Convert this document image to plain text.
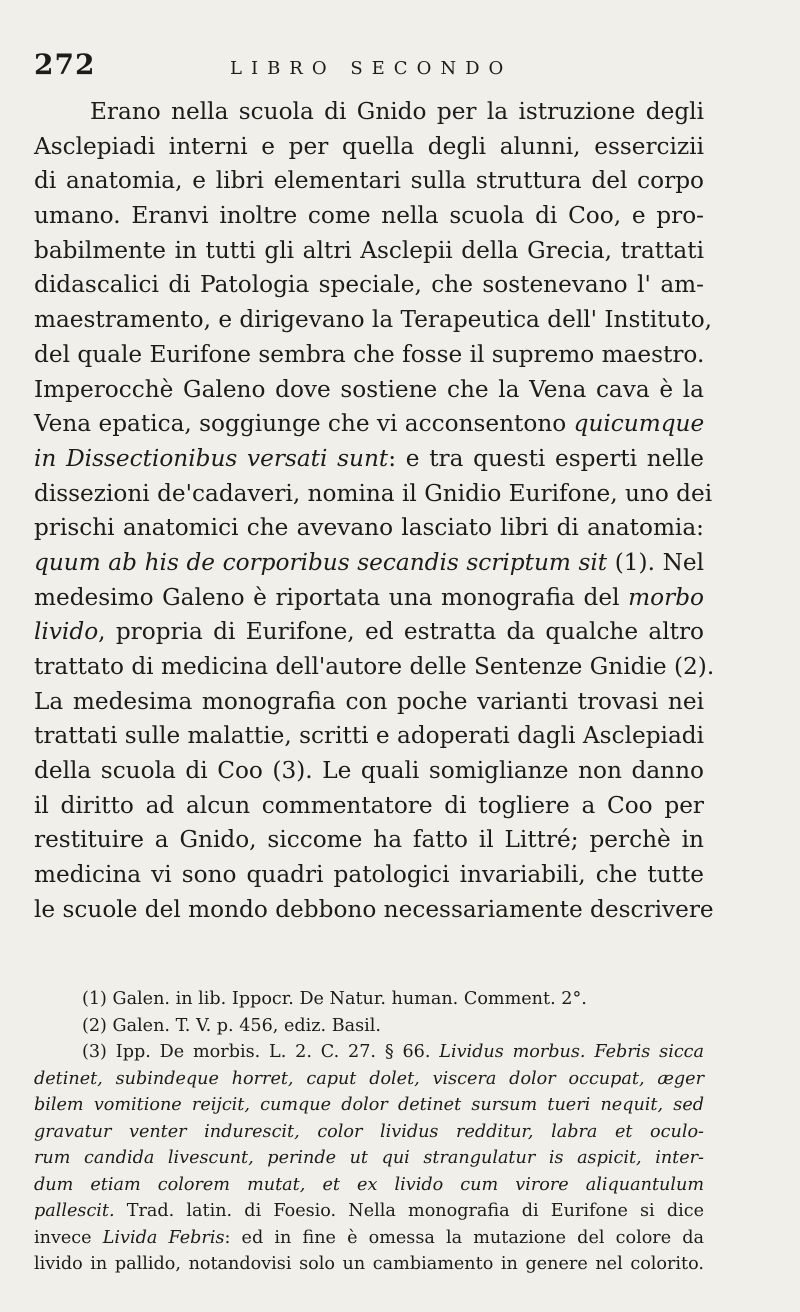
272	LIBRO SECONDO
Erano nella scuola di Gnido per la istruzione degli
Asclepiadi interni e per quella degli alunni, essercizii
di anatomia, e libri elementari sulla struttura del corpo
umano. Eranvi inoltre come nella scuola di Coo, e pro-
babilmente in tutti gli altri Asclepii della Grecia, trattati
didascalici di Patologia speciale, che sostenevano l' am-
maestramento, e dirigevano la Terapeutica dell' Instituto,
del quale Eurifone sembra che fosse il supremo maestro.
Imperocchè Galeno dove sostiene che la Vena cava è la
Vena epatica, soggiunge che vi acconsentono quicumque
in Dissectionibus versati sunt: e tra questi esperti nelle
dissezioni de'cadaveri, nomina il Gnidio Eurifone, uno dei
prischi anatomici che avevano lasciato libri di anatomia:
quum ab his de corporibus secandis scriptum sit (1). Nel
medesimo Galeno è riportata una monografia del morbo
livido, propria di Eurifone, ed estratta da qualche altro
trattato di medicina dell'autore delle Sentenze Gnidie (2).
La medesima monografia con poche varianti trovasi nei
trattati sulle malattie, scritti e adoperati dagli Asclepiadi
della scuola di Coo (3). Le quali somiglianze non danno
il diritto ad alcun commentatore di togliere a Coo per
restituire a Gnido, siccome ha fatto il Littré; perchè in
medicina vi sono quadri patologici invariabili, che tutte
le scuole del mondo debbono necessariamente descrivere
(1) Galen. in lib. Ippocr. De Natur. human. Comment. 2°.
(2) Galen. T. V. p. 456, ediz. Basil.
(3) Ipp. De morbis. L. 2. C. 27. § 66. Lividus morbus. Febris sicca
detinet, subindeque horret, caput dolet, viscera dolor occupat, æger
bilem vomitione reijcit, cumque dolor detinet sursum tueri nequit, sed
gravatur venter indurescit, color lividus redditur, labra et oculo-
rum candida livescunt, perinde ut qui strangulatur is aspicit, inter-
dum etiam colorem mutat, et ex livido cum virore aliquantulum
pallescit. Trad. latin. di Foesio. Nella monografia di Eurifone si dice
invece Livida Febris: ed in fine è omessa la mutazione del colore da
livido in pallido, notandovisi solo un cambiamento in genere nel colorito.
